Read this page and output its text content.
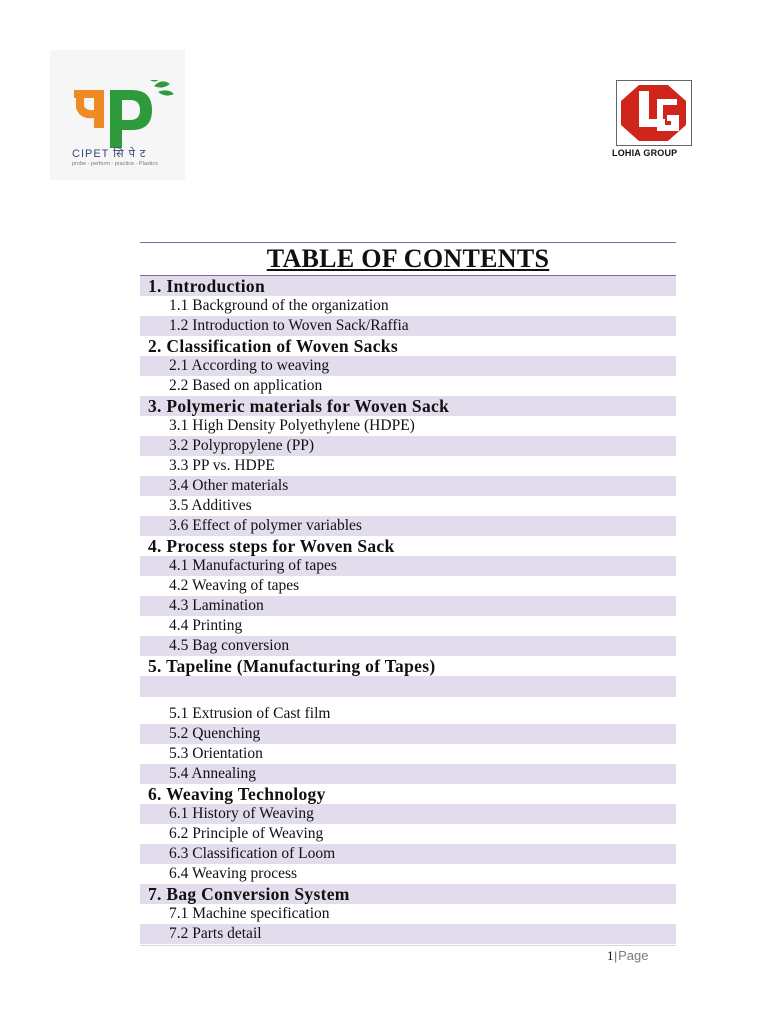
CIPET सि पे ट
probe - perform - practice - Plastics
LOHIA GROUP
TABLE OF CONTENTS
1. Introduction
1.1 Background of the organization
1.2 Introduction to Woven Sack/Raffia
2. Classification of Woven Sacks
2.1 According to weaving
2.2 Based on application
3. Polymeric materials for Woven Sack
3.1 High Density Polyethylene (HDPE)
3.2 Polypropylene (PP)
3.3 PP vs. HDPE
3.4 Other materials
3.5 Additives
3.6 Effect of polymer variables
4. Process steps for Woven Sack
4.1 Manufacturing of tapes
4.2 Weaving of tapes
4.3 Lamination
4.4 Printing
4.5 Bag conversion
5. Tapeline (Manufacturing of Tapes)
5.1 Extrusion of Cast film
5.2 Quenching
5.3 Orientation
5.4 Annealing
6. Weaving Technology
6.1 History of Weaving
6.2 Principle of Weaving
6.3 Classification of Loom
6.4 Weaving process
7. Bag Conversion System
7.1 Machine specification
7.2 Parts detail
1|Page
